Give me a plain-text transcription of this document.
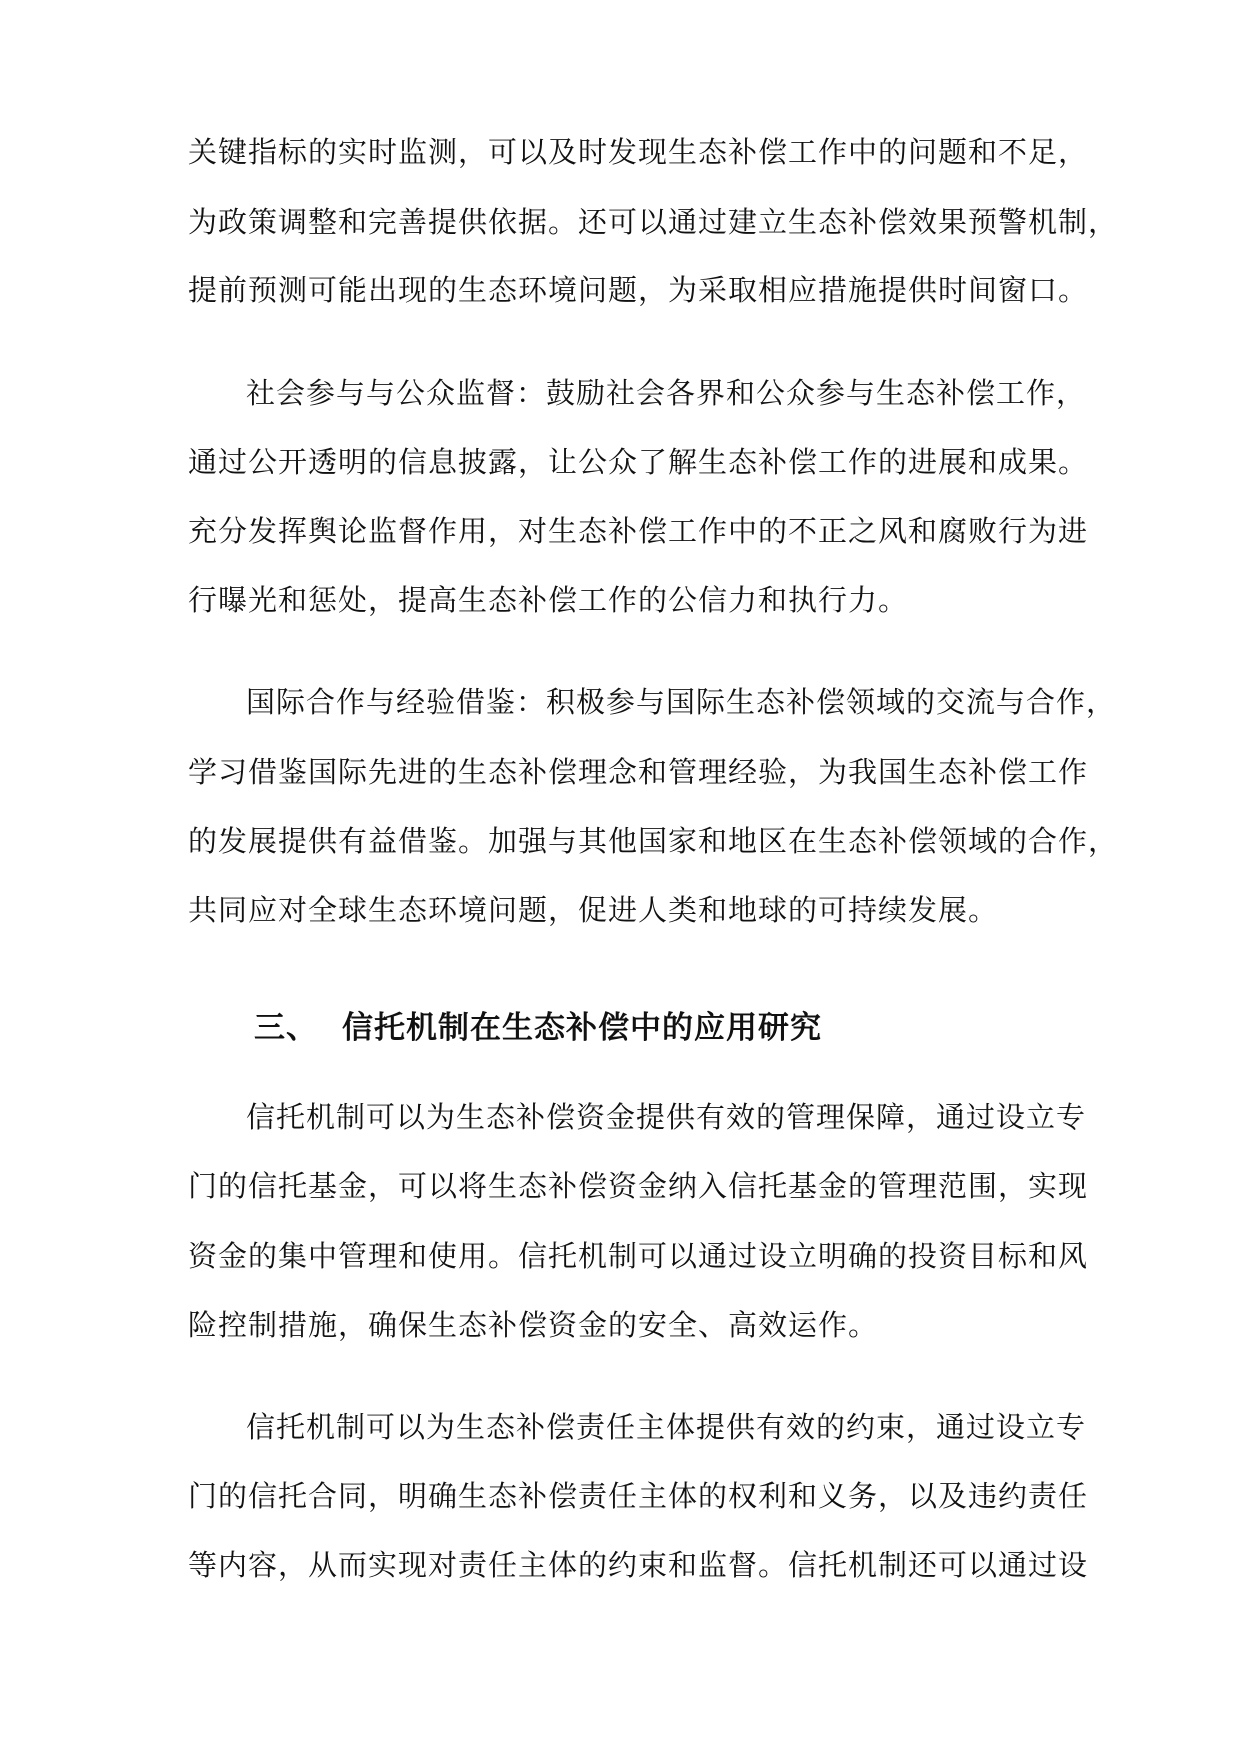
关键指标的实时监测，可以及时发现生态补偿工作中的问题和不足，
为政策调整和完善提供依据。还可以通过建立生态补偿效果预警机制，
提前预测可能出现的生态环境问题，为采取相应措施提供时间窗口。
社会参与与公众监督：鼓励社会各界和公众参与生态补偿工作，
通过公开透明的信息披露，让公众了解生态补偿工作的进展和成果。
充分发挥舆论监督作用，对生态补偿工作中的不正之风和腐败行为进
行曝光和惩处，提高生态补偿工作的公信力和执行力。
国际合作与经验借鉴：积极参与国际生态补偿领域的交流与合作，
学习借鉴国际先进的生态补偿理念和管理经验，为我国生态补偿工作
的发展提供有益借鉴。加强与其他国家和地区在生态补偿领域的合作，
共同应对全球生态环境问题，促进人类和地球的可持续发展。
三、 信托机制在生态补偿中的应用研究
信托机制可以为生态补偿资金提供有效的管理保障，通过设立专
门的信托基金，可以将生态补偿资金纳入信托基金的管理范围，实现
资金的集中管理和使用。信托机制可以通过设立明确的投资目标和风
险控制措施，确保生态补偿资金的安全、高效运作。
信托机制可以为生态补偿责任主体提供有效的约束，通过设立专
门的信托合同，明确生态补偿责任主体的权利和义务，以及违约责任
等内容，从而实现对责任主体的约束和监督。信托机制还可以通过设
